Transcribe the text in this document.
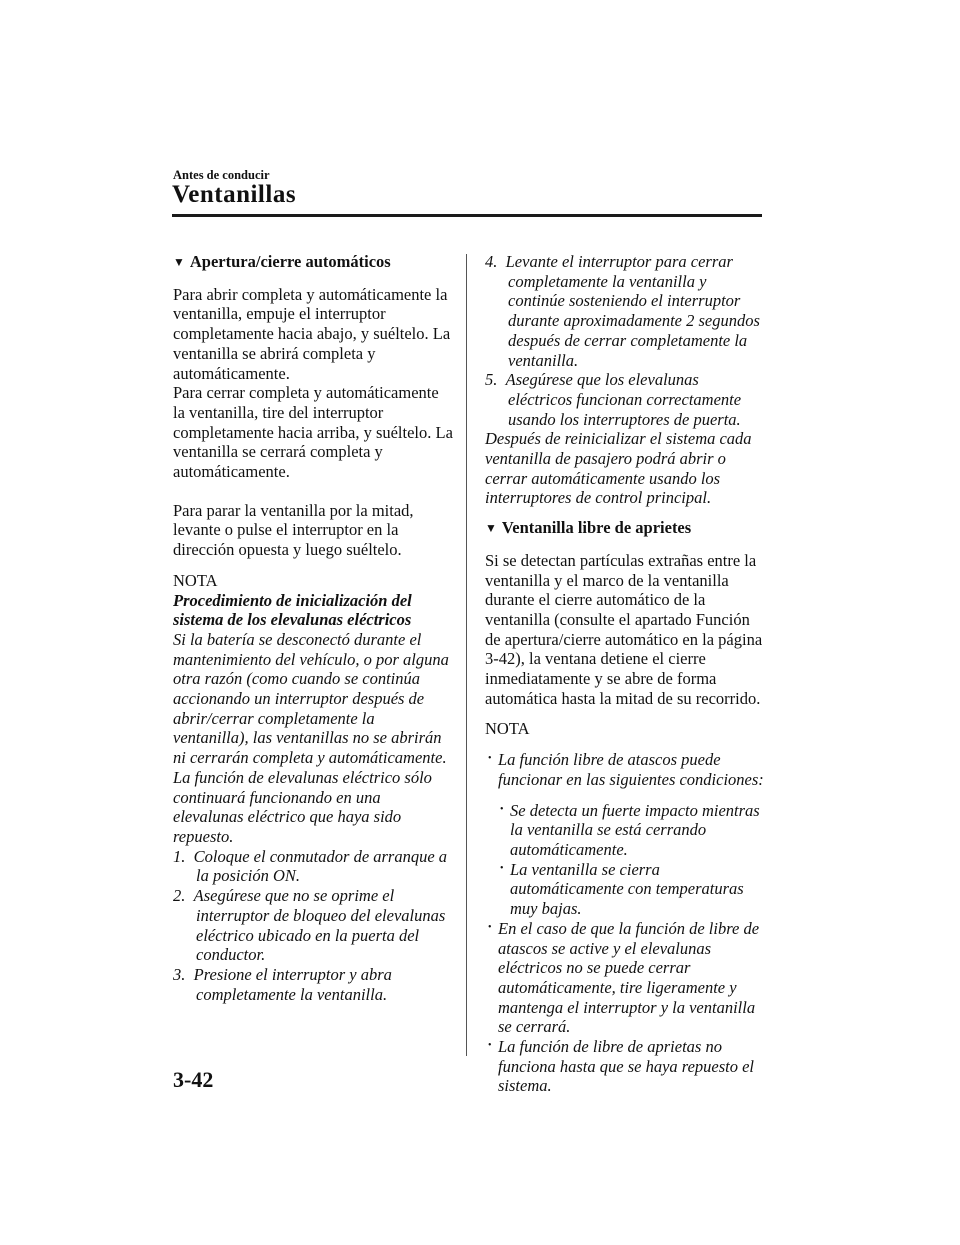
Antes de conducir
Ventanillas
▼ Apertura/cierre automáticos

Para abrir completa y automáticamente la ventanilla, empuje el interruptor completamente hacia abajo, y suéltelo. La ventanilla se abrirá completa y automáticamente.

Para cerrar completa y automáticamente la ventanilla, tire del interruptor completamente hacia arriba, y suéltelo. La ventanilla se cerrará completa y automáticamente.

Para parar la ventanilla por la mitad, levante o pulse el interruptor en la dirección opuesta y luego suéltelo.

NOTA

Procedimiento de inicialización del sistema de los elevalunas eléctricos

Si la batería se desconectó durante el mantenimiento del vehículo, o por alguna otra razón (como cuando se continúa accionando un interruptor después de abrir/cerrar completamente la ventanilla), las ventanillas no se abrirán ni cerrarán completa y automáticamente.

La función de elevalunas eléctrico sólo continuará funcionando en una elevalunas eléctrico que haya sido repuesto.

1.  Coloque el conmutador de arranque a la posición ON.

2.  Asegúrese que no se oprime el interruptor de bloqueo del elevalunas eléctrico ubicado en la puerta del conductor.

3.  Presione el interruptor y abra completamente la ventanilla.

4.  Levante el interruptor para cerrar completamente la ventanilla y continúe sosteniendo el interruptor durante aproximadamente 2 segundos después de cerrar completamente la ventanilla.

5.  Asegúrese que los elevalunas eléctricos funcionan correctamente usando los interruptores de puerta.

Después de reinicializar el sistema cada ventanilla de pasajero podrá abrir o cerrar automáticamente usando los interruptores de control principal.

▼ Ventanilla libre de aprietes

Si se detectan partículas extrañas entre la ventanilla y el marco de la ventanilla durante el cierre automático de la ventanilla (consulte el apartado Función de apertura/cierre automático en la página 3-42), la ventana detiene el cierre inmediatamente y se abre de forma automática hasta la mitad de su recorrido.

NOTA

• La función libre de atascos puede funcionar en las siguientes condiciones:

• Se detecta un fuerte impacto mientras la ventanilla se está cerrando automáticamente.

• La ventanilla se cierra automáticamente con temperaturas muy bajas.

• En el caso de que la función de libre de atascos se active y el elevalunas eléctricos no se puede cerrar automáticamente, tire ligeramente y mantenga el interruptor y la ventanilla se cerrará.

• La función de libre de aprietas no funciona hasta que se haya repuesto el sistema.

3-42
